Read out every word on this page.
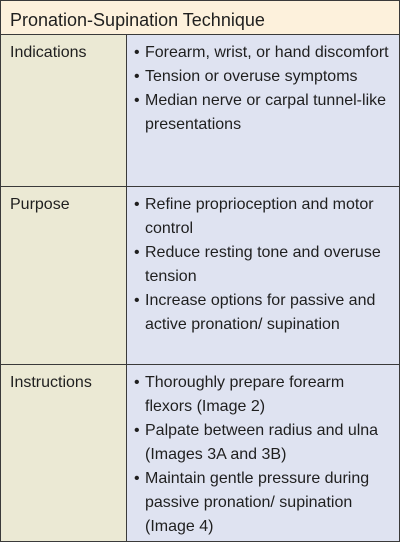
Pronation-Supination Technique
Indications	• Forearm, wrist, or hand discomfort
• Tension or overuse symptoms
• Median nerve or carpal tunnel-like presentations
Purpose	• Refine proprioception and motor control
• Reduce resting tone and overuse tension
• Increase options for passive and active pronation/ supination
Instructions	• Thoroughly prepare forearm flexors (Image 2)
• Palpate between radius and ulna (Images 3A and 3B)
• Maintain gentle pressure during passive pronation/ supination (Image 4)
